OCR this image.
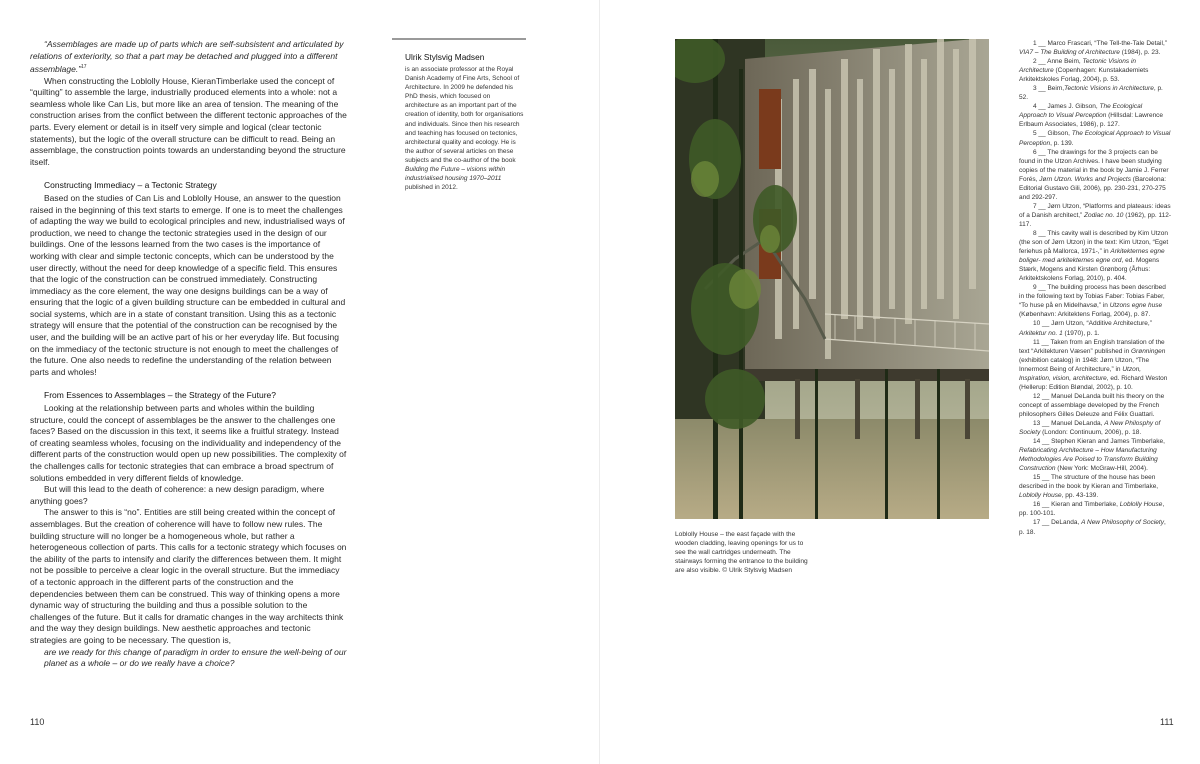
“Assemblages are made up of parts which are self-subsistent and articulated by relations of exteriority, so that a part may be detached and plugged into a different assemblage.”$^{17}$

When constructing the Loblolly House, KieranTimberlake used the concept of “quilting” to assemble the large, industrially produced elements into a whole: not a seamless whole like Can Lis, but more like an area of tension. The meaning of the construction arises from the conflict between the different tectonic approaches of the parts. Every element or detail is in itself very simple and logical (clear tectonic statements), but the logic of the overall structure can be difficult to read. Being an assemblage, the construction points towards an understanding beyond the structure itself.

Constructing Immediacy – a Tectonic Strategy

Based on the studies of Can Lis and Loblolly House, an answer to the question raised in the beginning of this text starts to emerge. If one is to meet the challenges of adapting the way we build to ecological principles and new, industrialised ways of production, we need to change the tectonic strategies used in the design of our buildings. One of the lessons learned from the two cases is the importance of working with clear and simple tectonic concepts, which can be understood by the user directly, without the need for deep knowledge of a specific field. This ensures that the logic of the construction can be construed immediately. Constructing immediacy as the core element, the way one designs buildings can be a way of ensuring that the logic of a given building structure can be embedded in cultural and social systems, which are in a state of constant transition. Using this as a tectonic strategy will ensure that the potential of the construction can be recognised by the user, and the building will be an active part of his or her everyday life. But focusing on the immediacy of the tectonic structure is not enough to meet the challenges of the future. One also needs to redefine the understanding of the relation between parts and wholes!

From Essences to Assemblages – the Strategy of the Future?

Looking at the relationship between parts and wholes within the building structure, could the concept of assemblages be the answer to the challenges one faces? Based on the discussion in this text, it seems like a fruitful strategy. Instead of creating seamless wholes, focusing on the individuality and independency of the different parts of the construction would open up new possibilities. The complexity of the challenges calls for tectonic strategies that can embrace a broad spectrum of solutions embedded in very different fields of knowledge.

But will this lead to the death of coherence: a new design paradigm, where anything goes?

The answer to this is “no”. Entities are still being created within the concept of assemblages. But the creation of coherence will have to follow new rules. The building structure will no longer be a homogeneous whole, but rather a heterogeneous collection of parts. This calls for a tectonic strategy which focuses on the ability of the parts to intensify and clarify the differences between them. It might not be possible to perceive a clear logic in the overall structure. But the immediacy of a tectonic approach in the different parts of the construction and the dependencies between them can be construed. This way of thinking opens a more dynamic way of structuring the building and thus a possible solution to the challenges of the future. But it calls for dramatic changes in the way architects think and the way they design buildings. New aesthetic approaches and tectonic strategies are going to be necessary. The question is,

are we ready for this change of paradigm in order to ensure the well-being of our planet as a whole – or do we really have a choice?

Ulrik Stylsvig Madsen
is an associate professor at the Royal Danish Academy of Fine Arts, School of Architecture. In 2009 he defended his PhD thesis, which focused on architecture as an important part of the creation of identity, both for organisations and individuals. Since then his research and teaching has focused on tectonics, architectural quality and ecology. He is the author of several articles on these subjects and the co-author of the book Building the Future – visions within industrialised housing 1970–2011 published in 2012.
110
Loblolly House – the east façade with the wooden cladding, leaving openings for us to see the wall cartridges underneath. The stairways forming the entrance to the building are also visible. © Ulrik Stylsvig Madsen
1 __ Marco Frascari, “The Tell-the-Tale Detail,” VIA7 – The Building of Architecture (1984), p. 23.
2 __ Anne Beim, Tectonic Visions in Architecture (Copenhagen: Kunstakademiets Arkitektskoles Forlag, 2004), p. 53.
3 __ Beim,Tectonic Visions in Architecture, p. 52.
4 __ James J. Gibson, The Ecological Approach to Visual Perception (Hillsdal: Lawrence Erlbaum Associates, 1986), p. 127.
5 __ Gibson, The Ecological Approach to Visual Perception, p. 139.
6 __ The drawings for the 3 projects can be found in the Utzon Archives. I have been studying copies of the material in the book by Jamie J. Ferrer Forés, Jørn Utzon. Works and Projects (Barcelona: Editorial Gustavo Gili, 2006), pp. 230-231, 270-275 and 292-297.
7 __ Jørn Utzon, “Platforms and plateaus: ideas of a Danish architect,” Zodiac no. 10 (1962), pp. 112-117.
8 __ This cavity wall is described by Kim Utzon (the son of Jørn Utzon) in the text: Kim Utzon, “Eget feriehus på Mallorca, 1971-,” in Arkitekternes egne boliger- med arkitekternes egne ord, ed. Mogens Stærk, Mogens and Kirsten Grønborg (Århus: Arkitektskolens Forlag, 2010), p. 404.
9 __ The building process has been described in the following text by Tobias Faber: Tobias Faber, “To huse på en Midelhavsø,” in Utzons egne huse (København: Arkitektens Forlag, 2004), p. 87.
10 __ Jørn Utzon, “Additive Architecture,” Arkitektur no. 1 (1970), p. 1.
11 __ Taken from an English translation of the text “Arkitekturen Væsen” published in Grønningen (exhibition catalog) in 1948: Jørn Utzon, “The Innermost Being of Architecture,” in Utzon, Inspiration, vision, architecture, ed. Richard Weston (Hellerup: Edition Bløndal, 2002), p. 10.
12 __ Manuel DeLanda built his theory on the concept of assemblage developed by the French philosophers Gilles Deleuze and Félix Guattari.
13 __ Manuel DeLanda, A New Philosphy of Society (London: Continuum, 2006), p. 18.
14 __ Stephen Kieran and James Timberlake, Refabricating Architecture – How Manufacturing Methodologies Are Poised to Transform Building Construction (New York: McGraw-Hill, 2004).
15 __ The structure of the house has been described in the book by Kieran and Timberlake, Loblolly House, pp. 43-139.
16 __ Kieran and Timberlake, Loblolly House, pp. 100-101.
17 __ DeLanda, A New Philosophy of Society, p. 18.
111
